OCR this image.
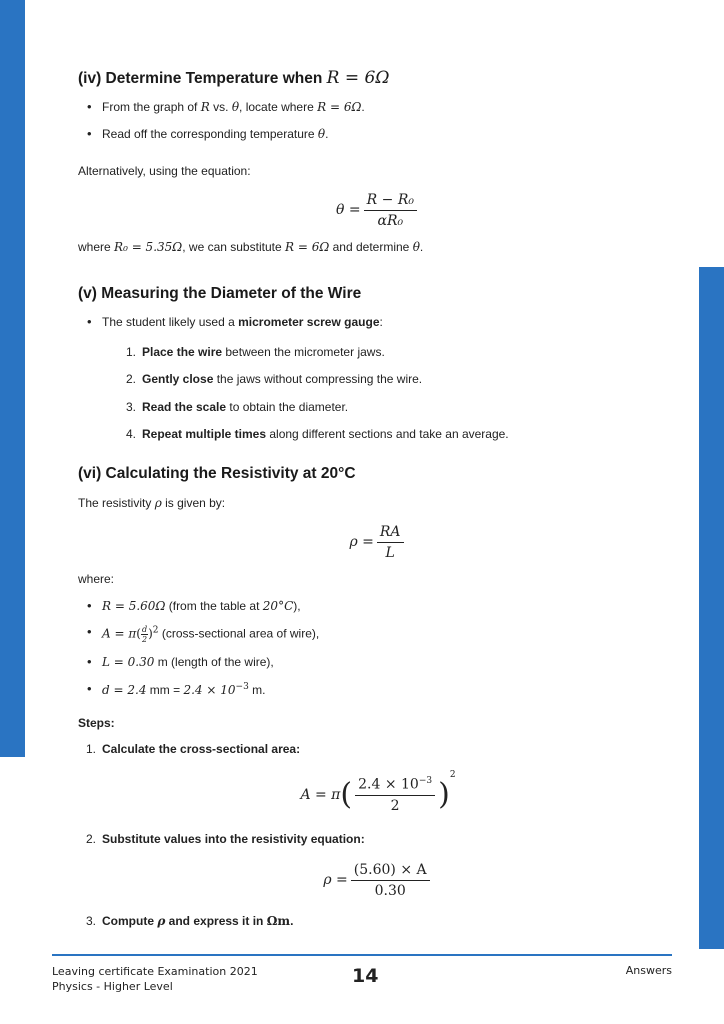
(iv) Determine Temperature when R = 6Ω

• From the graph of R vs. θ, locate where R = 6Ω.

• Read off the corresponding temperature θ.

Alternatively, using the equation:

$\theta = \frac{\text{R − R₀}}{\text{αR₀}}$

where R₀ = 5.35Ω, we can substitute R = 6Ω and determine θ.

(v) Measuring the Diameter of the Wire

• The student likely used a micrometer screw gauge:

1. Place the wire between the micrometer jaws.

2. Gently close the jaws without compressing the wire.

3. Read the scale to obtain the diameter.

4. Repeat multiple times along different sections and take an average.

(vi) Calculating the Resistivity at 20°C

The resistivity ρ is given by:

$\rho = \frac{RA}{L}$

where:

• R = 5.60Ω (from the table at 20°C),

• $A = \pi( \frac{d}{2} )^2$ (cross-sectional area of wire),

• L = 0.30 m (length of the wire),

• d = 2.4 mm = $2.4 \times 10^{-3}$ m.

Steps:

1. Calculate the cross-sectional area:

A = π ( $\frac{2.4 \times 10^{-3}}{2}$ )
2

2. Substitute values into the resistivity equation:

$\rho = \frac{(5.60) \times A}{0.30}$

3. Compute ρ and express it in Ωm.

Leaving certificate Examination 2021
Physics - Higher Level	14	Answers
